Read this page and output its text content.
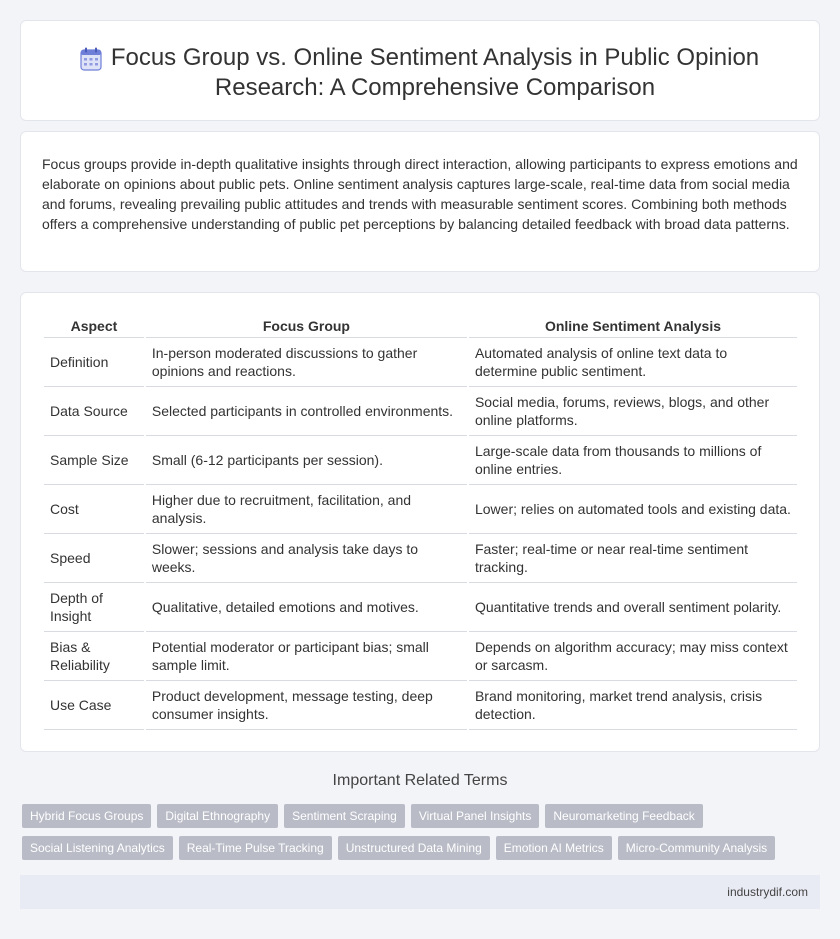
Focus Group vs. Online Sentiment Analysis in Public Opinion Research: A Comprehensive Comparison

Focus groups provide in-depth qualitative insights through direct interaction, allowing participants to express emotions and elaborate on opinions about public pets. Online sentiment analysis captures large-scale, real-time data from social media and forums, revealing prevailing public attitudes and trends with measurable sentiment scores. Combining both methods offers a comprehensive understanding of public pet perceptions by balancing detailed feedback with broad data patterns.

Aspect	Focus Group	Online Sentiment Analysis
Definition	In-person moderated discussions to gather opinions and reactions.	Automated analysis of online text data to determine public sentiment.
Data Source	Selected participants in controlled environments.	Social media, forums, reviews, blogs, and other online platforms.
Sample Size	Small (6-12 participants per session).	Large-scale data from thousands to millions of online entries.
Cost	Higher due to recruitment, facilitation, and analysis.	Lower; relies on automated tools and existing data.
Speed	Slower; sessions and analysis take days to weeks.	Faster; real-time or near real-time sentiment tracking.
Depth of Insight	Qualitative, detailed emotions and motives.	Quantitative trends and overall sentiment polarity.
Bias & Reliability	Potential moderator or participant bias; small sample limit.	Depends on algorithm accuracy; may miss context or sarcasm.
Use Case	Product development, message testing, deep consumer insights.	Brand monitoring, market trend analysis, crisis detection.
Important Related Terms
Hybrid Focus Groups	Digital Ethnography	Sentiment Scraping	Virtual Panel Insights	Neuromarketing Feedback
Social Listening Analytics	Real-Time Pulse Tracking	Unstructured Data Mining	Emotion AI Metrics	Micro-Community Analysis
industrydif.com
